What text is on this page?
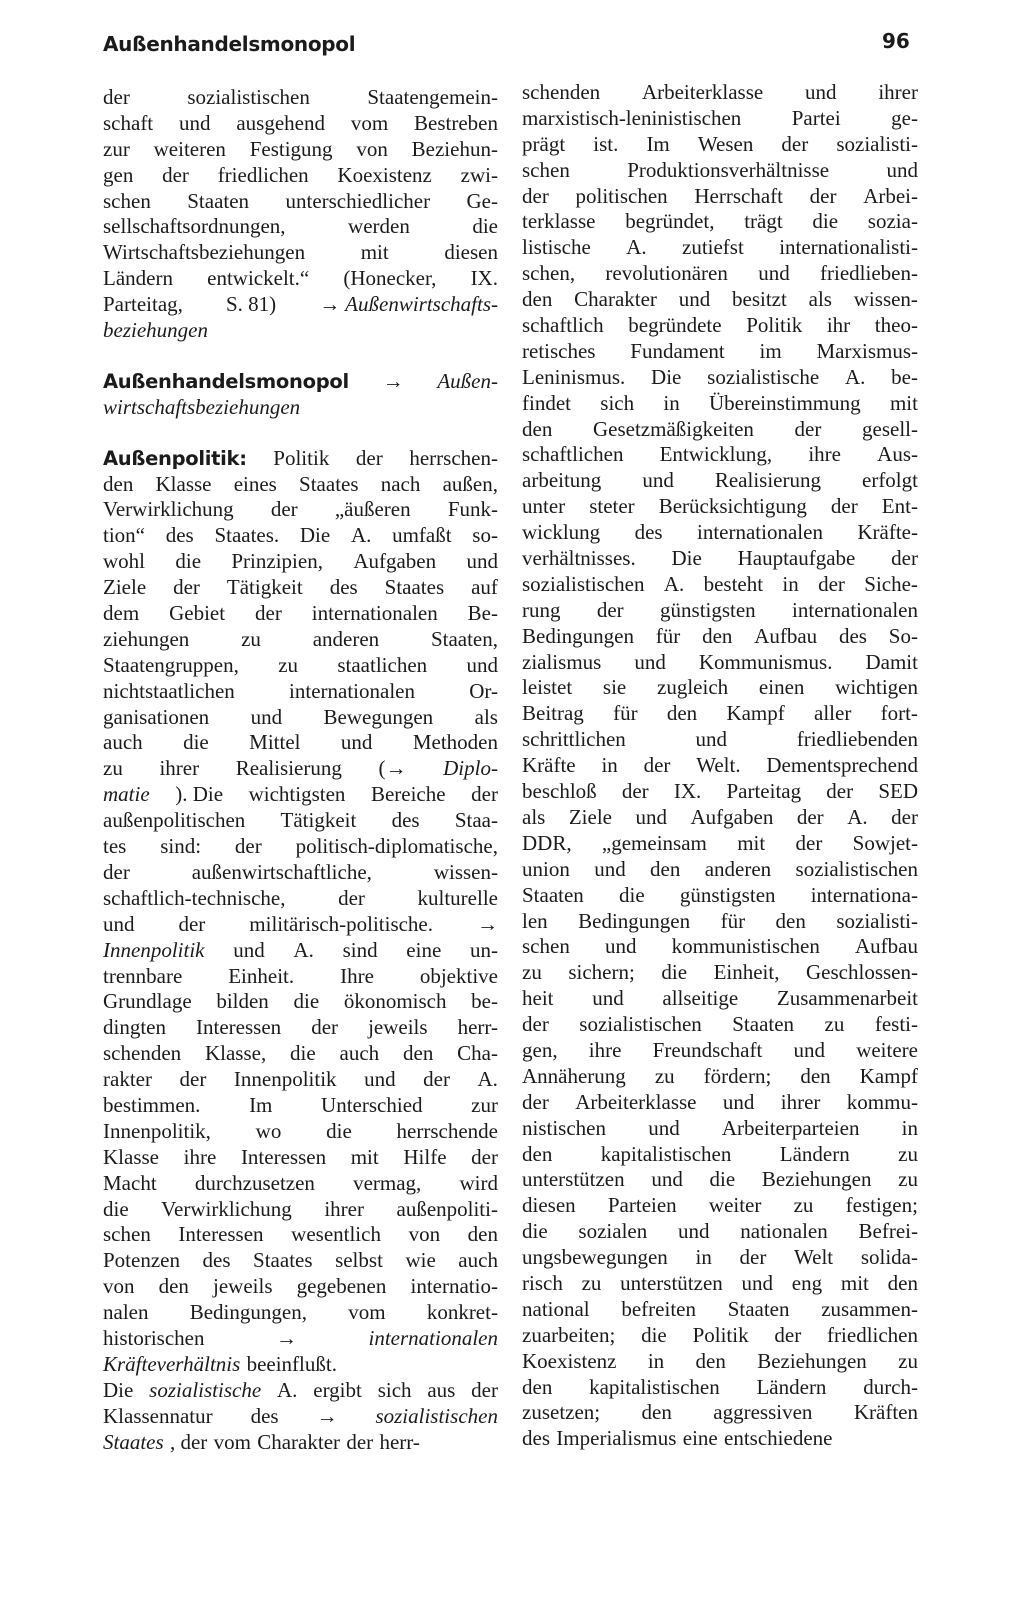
Außenhandelsmonopol	96
der	sozialistischen	Staatengemein-
schaft und ausgehend vom Bestreben
zur weiteren Festigung von Beziehun-
gen der friedlichen Koexistenz zwi-
schen Staaten unterschiedlicher Ge-
sellschaftsordnungen,	werden	die
Wirtschaftsbeziehungen	mit	diesen
Ländern entwickelt.“ (Honecker, IX.
Parteitag, S. 81) → Außenwirtschafts-
beziehungen
Außenhandelsmonopol → Außen-
wirtschaftsbeziehungen
Außenpolitik: Politik der herrschen-
den Klasse eines Staates nach außen,
Verwirklichung der „äußeren Funk-
tion“ des Staates. Die A. umfaßt so-
wohl die Prinzipien, Aufgaben und
Ziele der Tätigkeit des Staates auf
dem Gebiet der internationalen Be-
ziehungen zu anderen Staaten,
Staatengruppen, zu staatlichen und
nichtstaatlichen	internationalen	Or-
ganisationen und Bewegungen als
auch die Mittel und Methoden
zu ihrer Realisierung (→ Diplo-
matie ). Die wichtigsten Bereiche der
außenpolitischen Tätigkeit des Staa-
tes sind: der politisch-diplomatische,
der	außenwirtschaftliche,	wissen-
schaftlich-technische,	der	kulturelle
und der militärisch-politische. →
Innenpolitik und A. sind eine un-
trennbare Einheit. Ihre objektive
Grundlage bilden die ökonomisch be-
dingten Interessen der jeweils herr-
schenden Klasse, die auch den Cha-
rakter der Innenpolitik und der A.
bestimmen. Im Unterschied zur
Innenpolitik, wo die herrschende
Klasse ihre Interessen mit Hilfe der
Macht durchzusetzen vermag, wird
die Verwirklichung ihrer außenpoliti-
schen Interessen wesentlich von den
Potenzen des Staates selbst wie auch
von den jeweils gegebenen internatio-
nalen Bedingungen, vom konkret-
historischen	→	internationalen
Kräfteverhältnis beeinflußt.
Die sozialistische A. ergibt sich aus der
Klassennatur des → sozialistischen
Staates , der vom Charakter der herr-
schenden Arbeiterklasse und ihrer
marxistisch-leninistischen Partei ge-
prägt ist. Im Wesen der sozialisti-
schen	Produktionsverhältnisse	und
der politischen Herrschaft der Arbei-
terklasse begründet, trägt die sozia-
listische A. zutiefst internationalisti-
schen, revolutionären und friedlieben-
den Charakter und besitzt als wissen-
schaftlich begründete Politik ihr theo-
retisches Fundament im Marxismus-
Leninismus. Die sozialistische A. be-
findet sich in Übereinstimmung mit
den Gesetzmäßigkeiten der gesell-
schaftlichen Entwicklung, ihre Aus-
arbeitung und Realisierung erfolgt
unter steter Berücksichtigung der Ent-
wicklung des internationalen Kräfte-
verhältnisses. Die Hauptaufgabe der
sozialistischen A. besteht in der Siche-
rung der günstigsten internationalen
Bedingungen für den Aufbau des So-
zialismus und Kommunismus. Damit
leistet sie zugleich einen wichtigen
Beitrag für den Kampf aller fort-
schrittlichen	und	friedliebenden
Kräfte in der Welt. Dementsprechend
beschloß der IX. Parteitag der SED
als Ziele und Aufgaben der A. der
DDR, „gemeinsam mit der Sowjet-
union und den anderen sozialistischen
Staaten die günstigsten internationa-
len Bedingungen für den sozialisti-
schen und kommunistischen Aufbau
zu sichern; die Einheit, Geschlossen-
heit und allseitige Zusammenarbeit
der sozialistischen Staaten zu festi-
gen, ihre Freundschaft und weitere
Annäherung zu fördern; den Kampf
der Arbeiterklasse und ihrer kommu-
nistischen und Arbeiterparteien in
den kapitalistischen Ländern zu
unterstützen und die Beziehungen zu
diesen Parteien weiter zu festigen;
die sozialen und nationalen Befrei-
ungsbewegungen in der Welt solida-
risch zu unterstützen und eng mit den
national befreiten Staaten zusammen-
zuarbeiten; die Politik der friedlichen
Koexistenz in den Beziehungen zu
den kapitalistischen Ländern durch-
zusetzen; den aggressiven Kräften
des Imperialismus eine entschiedene
